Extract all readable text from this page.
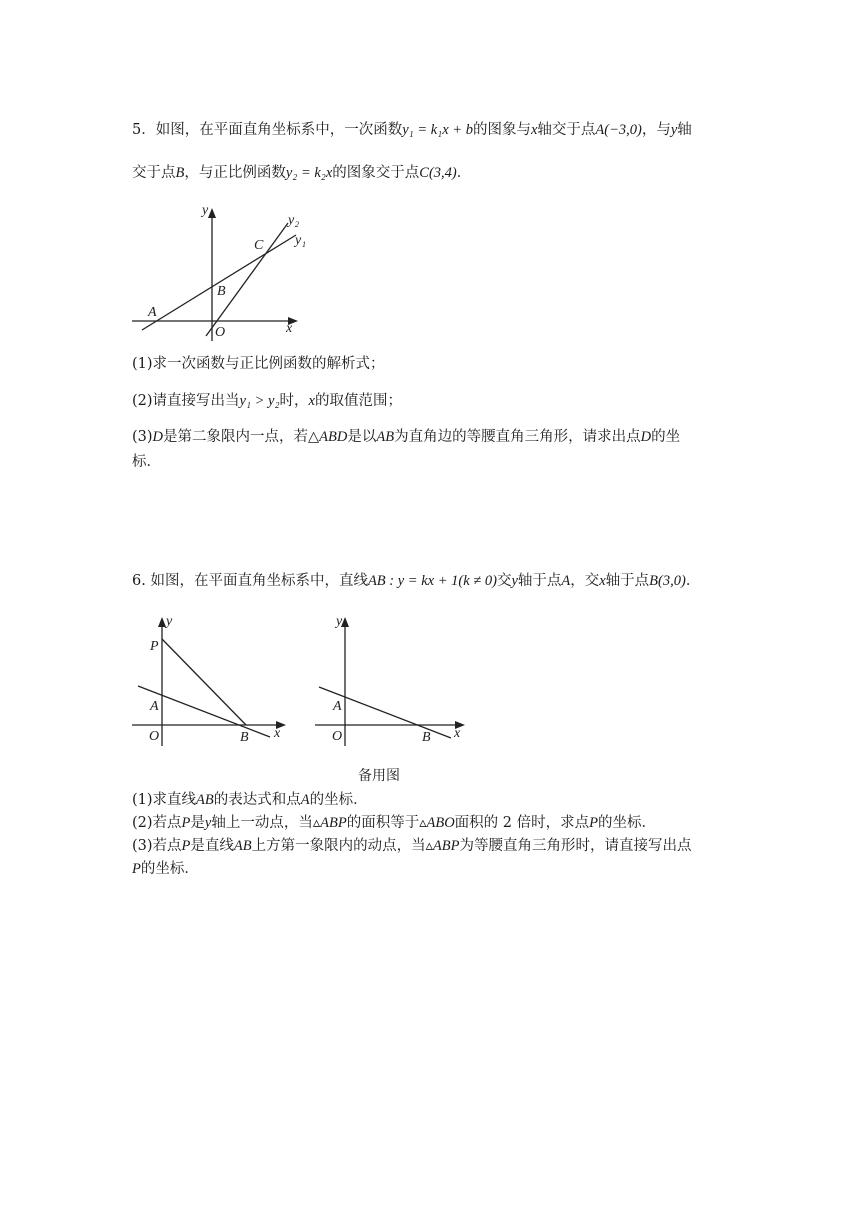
5．如图，在平面直角坐标系中，一次函数y₁ = k₁x + b的图象与x轴交于点A(−3,0)，与y轴
交于点B，与正比例函数y₂ = k₂x的图象交于点C(3,4)．
y
x
y₂
y₁
C
B
A
O
(1)求一次函数与正比例函数的解析式；
(2)请直接写出当y₁ > y₂时，x的取值范围；
(3)D是第二象限内一点，若△ABD是以AB为直角边的等腰直角三角形，请求出点D的坐
标．
6. 如图，在平面直角坐标系中，直线AB : y = kx + 1(k ≠ 0)交y轴于点A，交x轴于点B(3,0)．
y
x
P
A
O	B
y
x
A
O	B
备用图
(1)求直线AB的表达式和点A的坐标．
(2)若点P是y轴上一动点，当▵ABP的面积等于▵ABO面积的 2 倍时，求点P的坐标．
(3)若点P是直线AB上方第一象限内的动点，当▵ABP为等腰直角三角形时，请直接写出点
P的坐标．
